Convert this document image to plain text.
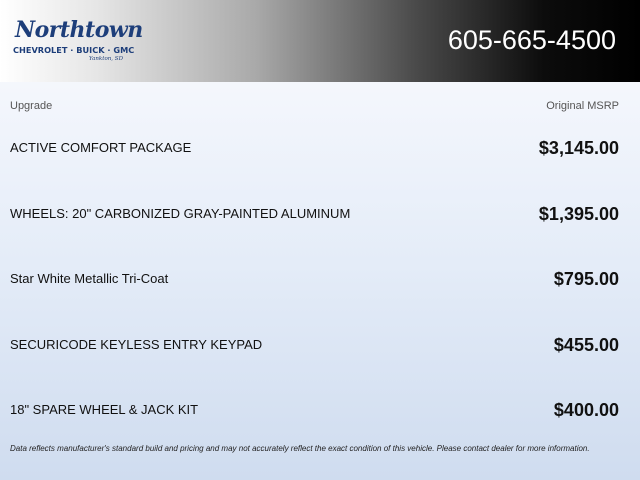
Northtown
CHEVROLET · BUICK · GMC
Yankton, SD
605-665-4500
Upgrade	Original MSRP
ACTIVE COMFORT PACKAGE	$3,145.00
WHEELS: 20" CARBONIZED GRAY-PAINTED ALUMINUM	$1,395.00
Star White Metallic Tri-Coat	$795.00
SECURICODE KEYLESS ENTRY KEYPAD	$455.00
18" SPARE WHEEL & JACK KIT	$400.00
Data reflects manufacturer's standard build and pricing and may not accurately reflect the exact condition of this vehicle. Please contact dealer for more information.
